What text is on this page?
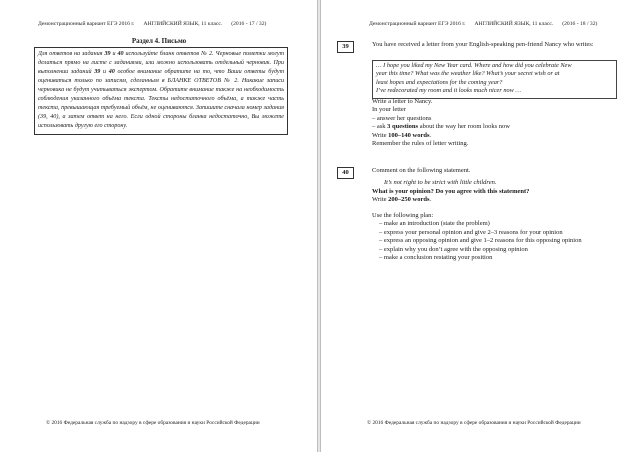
Демонстрационный вариант ЕГЭ 2016 г. АНГЛИЙСКИЙ ЯЗЫК, 11 класс. (2016 - 17 / 32)
Раздел 4. Письмо
Для ответов на задания 39 и 40 используйте бланк ответов № 2. Черновые пометки могут делаться прямо на листе с заданиями, или можно использовать отдельный черновик. При выполнении заданий 39 и 40 особое внимание обратите на то, что Ваши ответы будут оцениваться только по записям, сделанным в БЛАНКЕ ОТВЕТОВ № 2. Никакие записи черновика не будут учитываться экспертом. Обратите внимание также на необходимость соблюдения указанного объёма текста. Тексты недостаточного объёма, а также часть текста, превышающая требуемый объём, не оцениваются. Запишите сначала номер задания (39, 40), а затем ответ на него. Если одной стороны бланка недостаточно, Вы можете использовать другую его сторону.
© 2016 Федеральная служба по надзору в сфере образования и науки Российской Федерации
Демонстрационный вариант ЕГЭ 2016 г. АНГЛИЙСКИЙ ЯЗЫК, 11 класс. (2016 - 18 / 32)
39	You have received a letter from your English-speaking pen-friend Nancy who writes:

… I hope you liked my New Year card. Where and how did you celebrate New

year this time? What was the weather like? What’s your secret wish or at

least hopes and expectations for the coming year?

I’ve redecorated my room and it looks much nicer now …

Write a letter to Nancy.

In your letter

– answer her questions

– ask 3 questions about the way her room looks now

Write 100–140 words.

Remember the rules of letter writing.

40	Comment on the following statement.
It’s not right to be strict with little children.

What is your opinion? Do you agree with this statement?

Write 200–250 words.

Use the following plan:

– make an introduction (state the problem)

– express your personal opinion and give 2–3 reasons for your opinion

– express an opposing opinion and give 1–2 reasons for this opposing opinion

– explain why you don’t agree with the opposing opinion

– make a conclusion restating your position

© 2016 Федеральная служба по надзору в сфере образования и науки Российской Федерации
